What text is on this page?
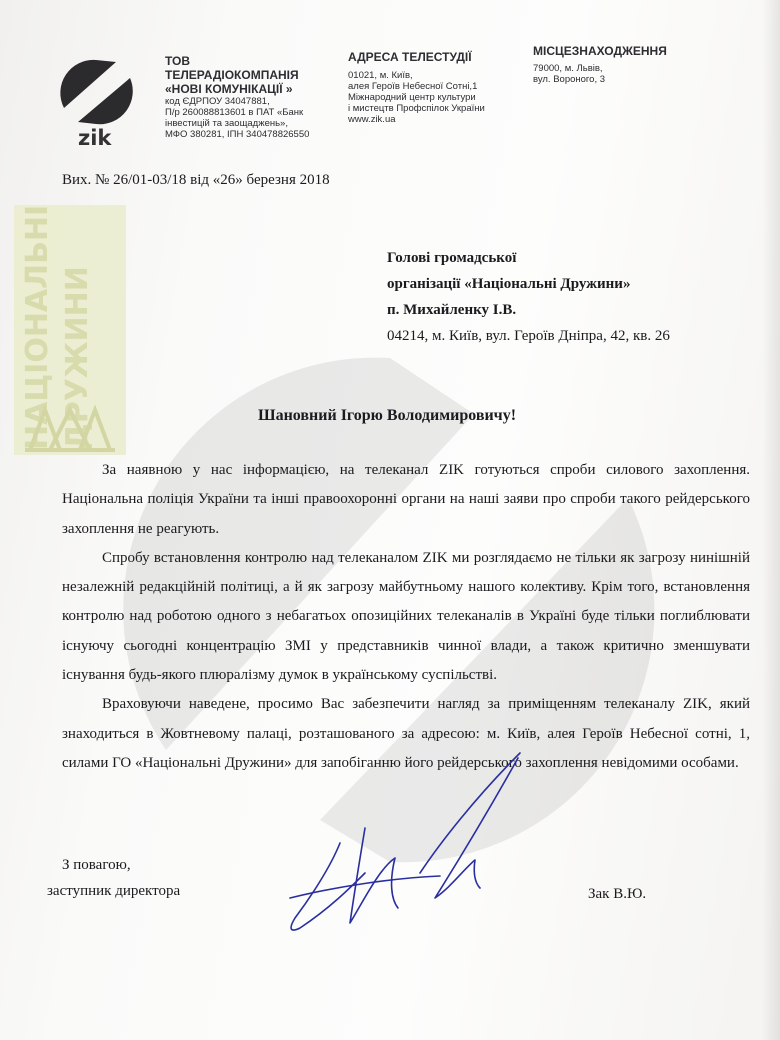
НАЦІОНАЛЬНІ ДРУЖИНИ
zik
ТОВ ТЕЛЕРАДІОКОМПАНІЯ
«НОВІ КОМУНІКАЦІЇ »
код ЄДРПОУ 34047881,
П/р 260088813601 в ПАТ «Банк
інвестицій та заощаджень»,
МФО 380281, ІПН 340478826550
АДРЕСА ТЕЛЕСТУДІЇ
01021, м. Київ,
алея Героїв Небесної Сотні,1
Міжнародний центр культури
і мистецтв Профспілок України
www.zik.ua
МІСЦЕЗНАХОДЖЕННЯ
79000, м. Львів,
вул. Вороного, 3
Вих. № 26/01-03/18 від «26» березня 2018
Голові громадської
організації «Національні Дружини»
п. Михайленку І.В.
04214, м. Київ, вул. Героїв Дніпра, 42, кв. 26
Шановний Ігорю Володимировичу!

За наявною у нас інформацією, на телеканал ZIK готуються спроби силового захоплення. Національна поліція України та інші правоохоронні органи на наші заяви про спроби такого рейдерського захоплення не реагують.

Спробу встановлення контролю над телеканалом ZIK ми розглядаємо не тільки як загрозу нинішній незалежній редакційній політиці, а й як загрозу майбутньому нашого колективу. Крім того, встановлення контролю над роботою одного з небагатьох опозиційних телеканалів в Україні буде тільки поглиблювати існуючу сьогодні концентрацію ЗМІ у представників чинної влади, а також критично зменшувати існування будь-якого плюралізму думок в українському суспільстві.

Враховуючи наведене, просимо Вас забезпечити нагляд за приміщенням телеканалу ZIK, який знаходиться в Жовтневому палаці, розташованого за адресою: м. Київ, алея Героїв Небесної сотні, 1, силами ГО «Національні Дружини» для запобіганню його рейдерського захоплення невідомими особами.

З повагою,
заступник директора	Зак В.Ю.
